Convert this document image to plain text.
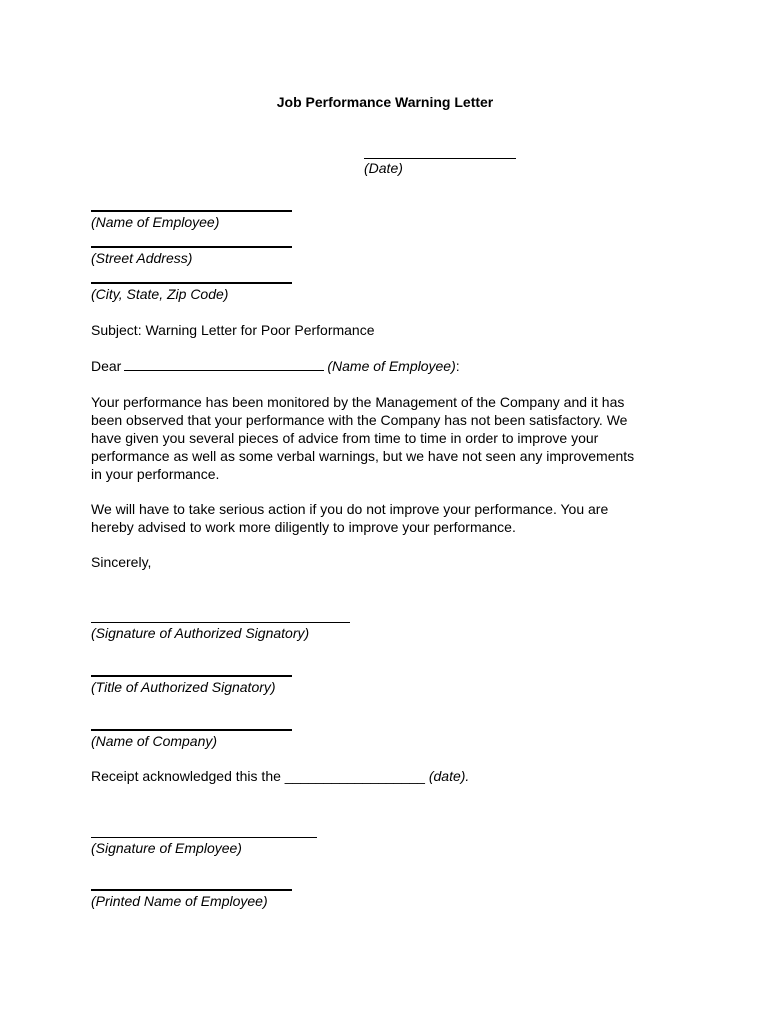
Job Performance Warning Letter
(Date)
(Name of Employee)
(Street Address)
(City, State, Zip Code)
Subject: Warning Letter for Poor Performance
Dear	(Name of Employee):
Your performance has been monitored by the Management of the Company and it has
been observed that your performance with the Company has not been satisfactory. We
have given you several pieces of advice from time to time in order to improve your
performance as well as some verbal warnings, but we have not seen any improvements
in your performance.
We will have to take serious action if you do not improve your performance. You are
hereby advised to work more diligently to improve your performance.
Sincerely,
(Signature of Authorized Signatory)
(Title of Authorized Signatory)
(Name of Company)
Receipt acknowledged this the __________________ (date).
(Signature of Employee)
(Printed Name of Employee)
